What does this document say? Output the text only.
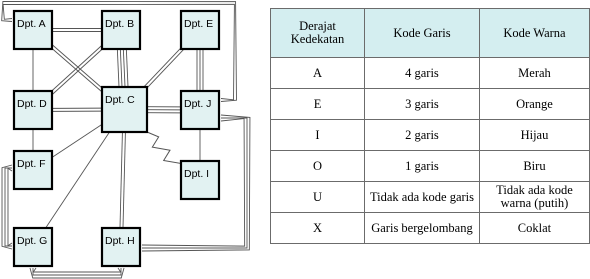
Dpt. A	Dpt. B	Dpt. E
Dpt. D	Dpt. C	Dpt. J
Dpt. F
Dpt. I
Dpt. G	Dpt. H
Derajat Kedekatan	Kode Garis	Kode Warna
A	4 garis	Merah
E	3 garis	Orange
I	2 garis	Hijau
O	1 garis	Biru
U	Tidak ada kode garis	Tidak ada kode warna (putih)
X	Garis bergelombang	Coklat
